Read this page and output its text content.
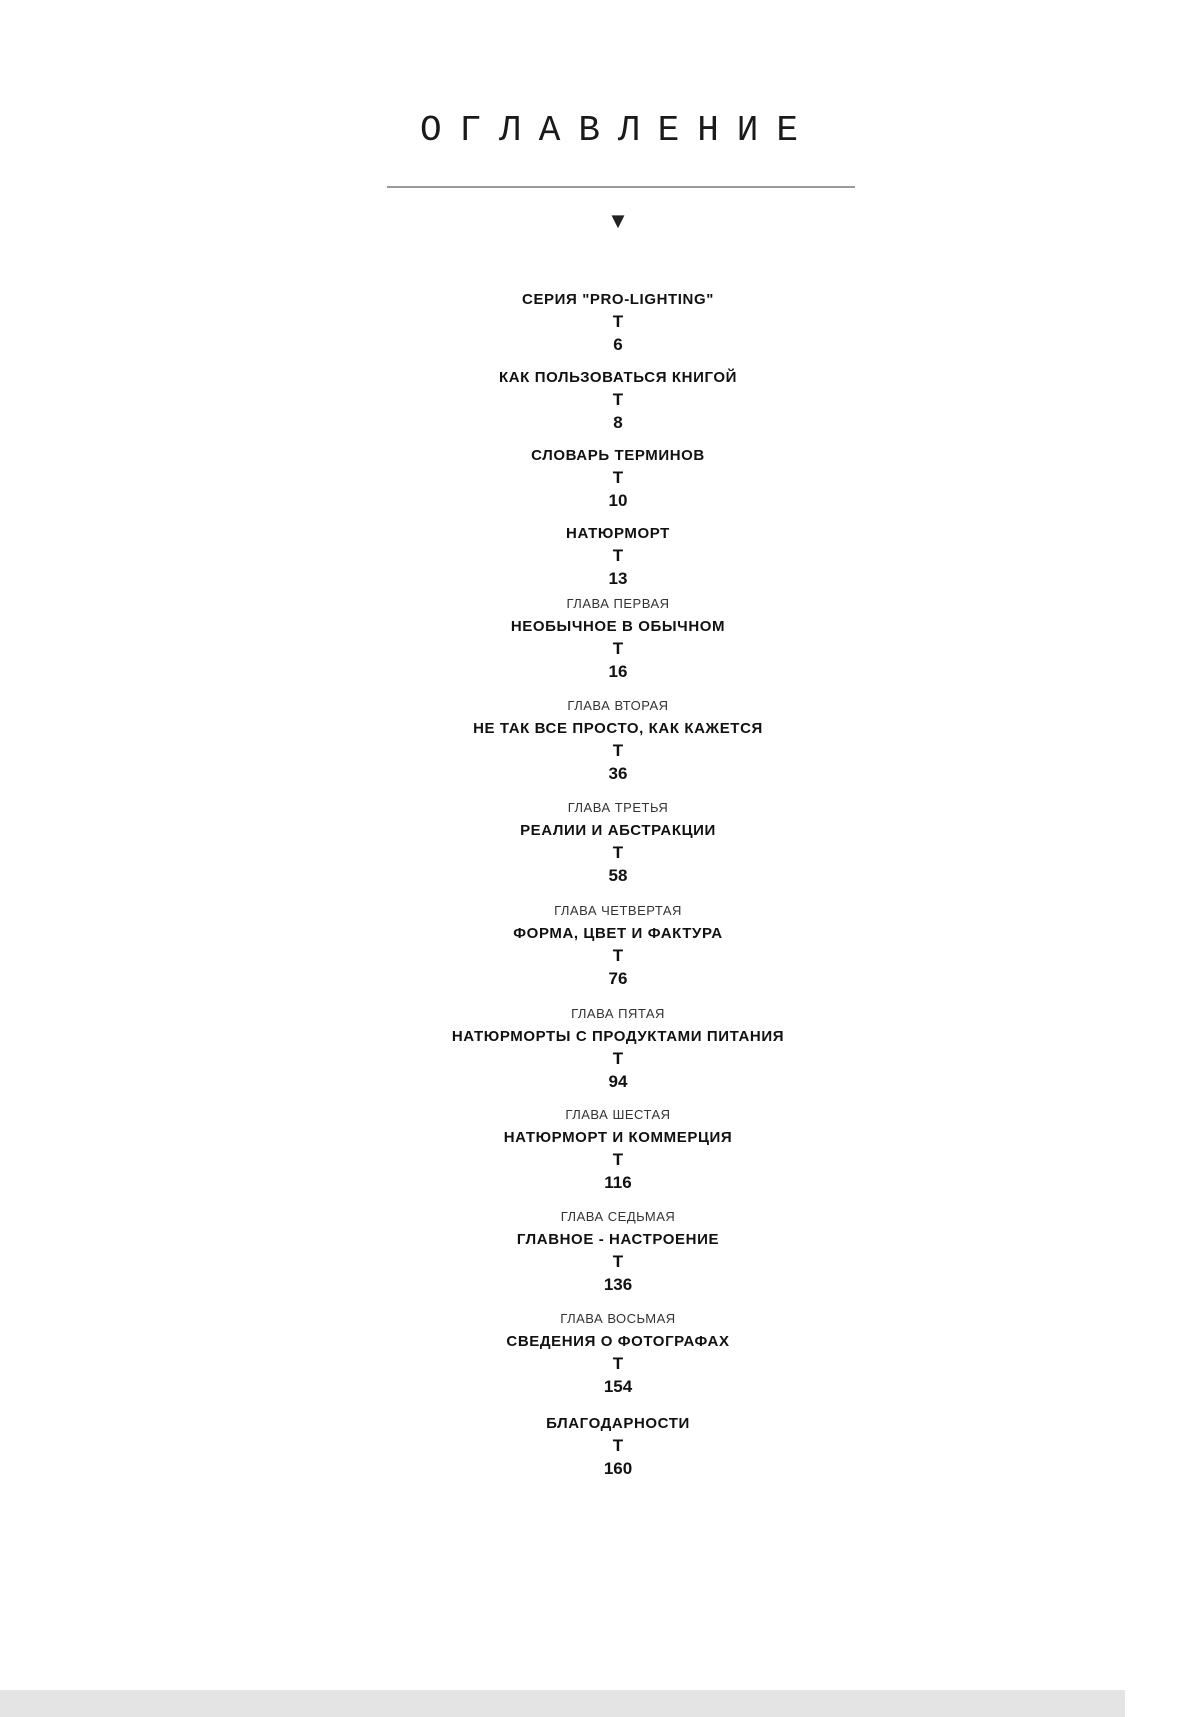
ОГЛАВЛЕНИЕ
▼
СЕРИЯ "PRO-LIGHTING"
Т
6
КАК ПОЛЬЗОВАТЬСЯ КНИГОЙ
Т
8
СЛОВАРЬ ТЕРМИНОВ
Т
10
НАТЮРМОРТ
Т
13
ГЛАВА ПЕРВАЯ
НЕОБЫЧНОЕ В ОБЫЧНОМ
Т
16
ГЛАВА ВТОРАЯ
НЕ ТАК ВСЕ ПРОСТО, КАК КАЖЕТСЯ
Т
36
ГЛАВА ТРЕТЬЯ
РЕАЛИИ И АБСТРАКЦИИ
Т
58
ГЛАВА ЧЕТВЕРТАЯ
ФОРМА, ЦВЕТ И ФАКТУРА
Т
76
ГЛАВА ПЯТАЯ
НАТЮРМОРТЫ С ПРОДУКТАМИ ПИТАНИЯ
Т
94
ГЛАВА ШЕСТАЯ
НАТЮРМОРТ И КОММЕРЦИЯ
Т
116
ГЛАВА СЕДЬМАЯ
ГЛАВНОЕ - НАСТРОЕНИЕ
Т
136
ГЛАВА ВОСЬМАЯ
СВЕДЕНИЯ О ФОТОГРАФАХ
Т
154
БЛАГОДАРНОСТИ
Т
160
